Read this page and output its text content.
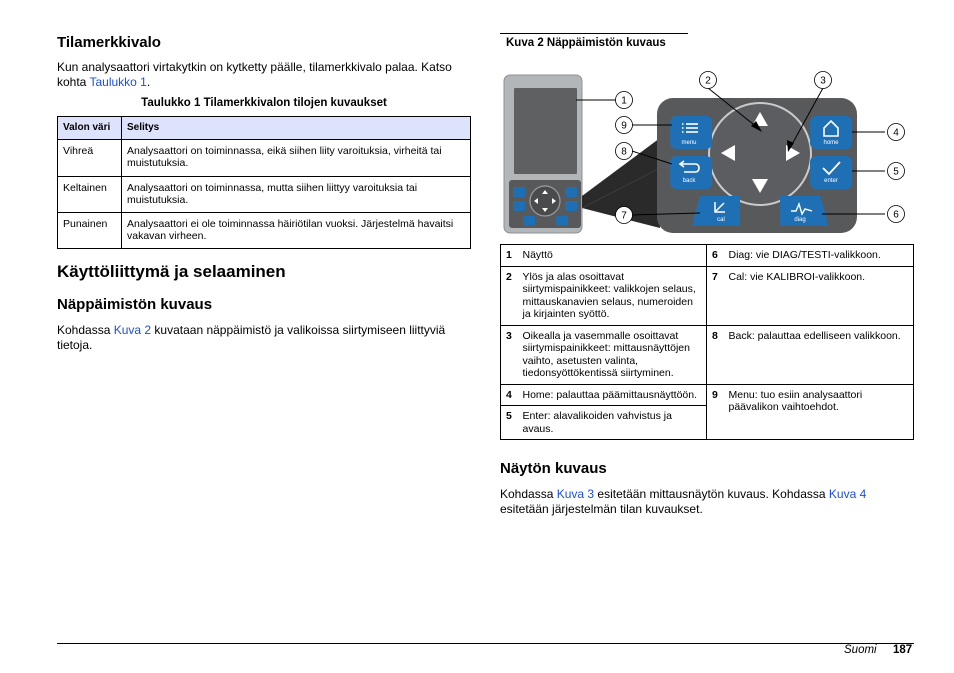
Tilamerkkivalo

Kun analysaattori virtakytkin on kytketty päälle, tilamerkkivalo palaa. Katso kohta Taulukko 1.

Taulukko 1 Tilamerkkivalon tilojen kuvaukset
Valon väri	Selitys
Vihreä	Analysaattori on toiminnassa, eikä siihen liity varoituksia, virheitä tai muistutuksia.
Keltainen	Analysaattori on toiminnassa, mutta siihen liittyy varoituksia tai muistutuksia.
Punainen	Analysaattori ei ole toiminnassa häiriötilan vuoksi. Järjestelmä havaitsi vakavan virheen.
Käyttöliittymä ja selaaminen
Näppäimistön kuvaus

Kohdassa Kuva 2 kuvataan näppäimistö ja valikoissa siirtymiseen liittyviä tietoja.

Kuva 2 Näppäimistön kuvaus
menu
back
home
enter
cal	diag
1
2	3
4
5
6
7
8
9
1	Näyttö	6	Diag: vie DIAG/TESTI-valikkoon.
2	Ylös ja alas osoittavat siirtymispainikkeet: valikkojen selaus, mittauskanavien selaus, numeroiden ja kirjainten syöttö.	7	Cal: vie KALIBROI-valikkoon.
3	Oikealla ja vasemmalle osoittavat siirtymispainikkeet: mittausnäyttöjen vaihto, asetusten valinta, tiedonsyöttökentissä siirtyminen.	8	Back: palauttaa edelliseen valikkoon.
4	Home: palauttaa päämittausnäyttöön.	9	Menu: tuo esiin analysaattori päävalikon vaihtoehdot.
5	Enter: alavalikoiden vahvistus ja avaus.		
Näytön kuvaus

Kohdassa Kuva 3 esitetään mittausnäytön kuvaus. Kohdassa Kuva 4 esitetään järjestelmän tilan kuvaukset.

Suomi 187
